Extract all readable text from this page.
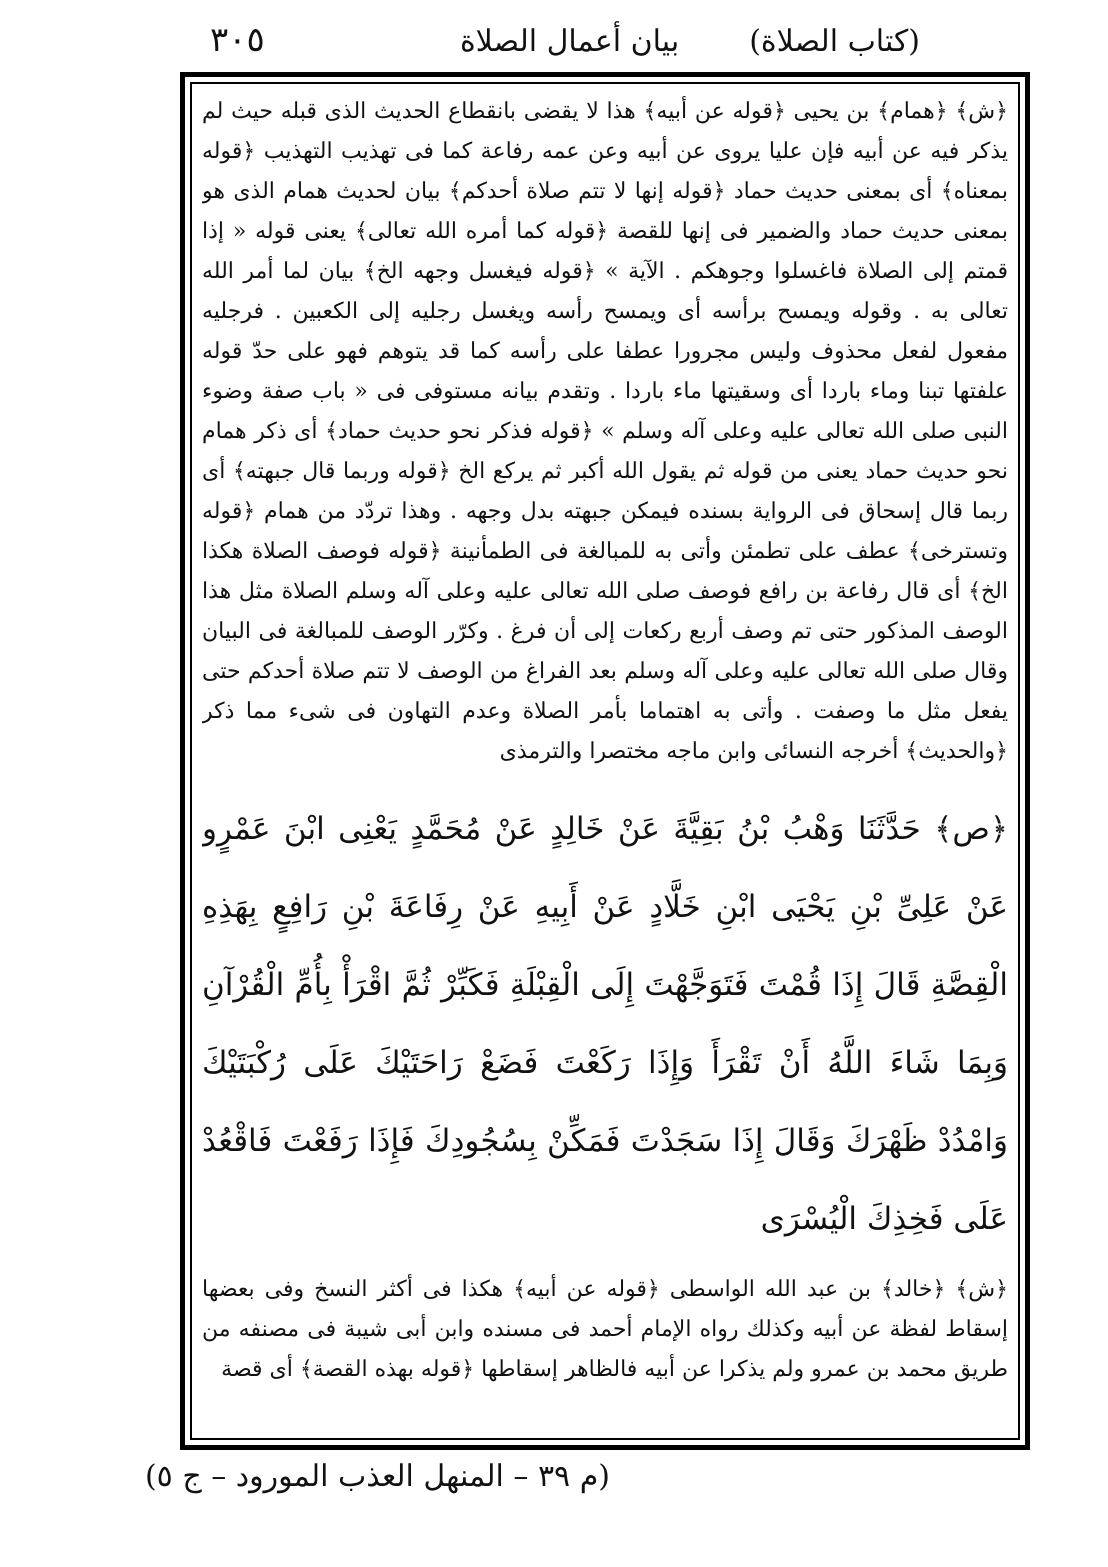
(كتاب الصلاة)
بيان أعمال الصلاة
٣٠٥

﴿ش﴾ ﴿همام﴾ بن يحيى ﴿قوله عن أبيه﴾ هذا لا يقضى بانقطاع الحديث الذى قبله حيث لم يذكر فيه عن أبيه فإن عليا يروى عن أبيه وعن عمه رفاعة كما فى تهذيب التهذيب ﴿قوله بمعناه﴾ أى بمعنى حديث حماد ﴿قوله إنها لا تتم صلاة أحدكم﴾ بيان لحديث همام الذى هو بمعنى حديث حماد والضمير فى إنها للقصة ﴿قوله كما أمره الله تعالى﴾ يعنى قوله « إذا قمتم إلى الصلاة فاغسلوا وجوهكم . الآية » ﴿قوله فيغسل وجهه الخ﴾ بيان لما أمر الله تعالى به . وقوله ويمسح برأسه أى ويمسح رأسه ويغسل رجليه إلى الكعبين . فرجليه مفعول لفعل محذوف وليس مجرورا عطفا على رأسه كما قد يتوهم فهو على حدّ قوله علفتها تبنا وماء باردا أى وسقيتها ماء باردا . وتقدم بيانه مستوفى فى « باب صفة وضوء النبى صلى الله تعالى عليه وعلى آله وسلم » ﴿قوله فذكر نحو حديث حماد﴾ أى ذكر همام نحو حديث حماد يعنى من قوله ثم يقول الله أكبر ثم يركع الخ ﴿قوله وربما قال جبهته﴾ أى ربما قال إسحاق فى الرواية بسنده فيمكن جبهته بدل وجهه . وهذا تردّد من همام ﴿قوله وتسترخى﴾ عطف على تطمئن وأتى به للمبالغة فى الطمأنينة ﴿قوله فوصف الصلاة هكذا الخ﴾ أى قال رفاعة بن رافع فوصف صلى الله تعالى عليه وعلى آله وسلم الصلاة مثل هذا الوصف المذكور حتى تم وصف أربع ركعات إلى أن فرغ . وكرّر الوصف للمبالغة فى البيان وقال صلى الله تعالى عليه وعلى آله وسلم بعد الفراغ من الوصف لا تتم صلاة أحدكم حتى يفعل مثل ما وصفت . وأتى به اهتماما بأمر الصلاة وعدم التهاون فى شىء مما ذكر ﴿والحديث﴾ أخرجه النسائى وابن ماجه مختصرا والترمذى

﴿ص﴾ حَدَّثَنَا وَهْبُ بْنُ بَقِيَّةَ عَنْ خَالِدٍ عَنْ مُحَمَّدٍ يَعْنِى ابْنَ عَمْرٍو عَنْ عَلِىِّ بْنِ يَحْيَى ابْنِ خَلَّادٍ عَنْ أَبِيهِ عَنْ رِفَاعَةَ بْنِ رَافِعٍ بِهَذِهِ الْقِصَّةِ قَالَ إِذَا قُمْتَ فَتَوَجَّهْتَ إِلَى الْقِبْلَةِ فَكَبِّرْ ثُمَّ اقْرَأْ بِأُمِّ الْقُرْآنِ وَبِمَا شَاءَ اللَّهُ أَنْ تَقْرَأَ وَإِذَا رَكَعْتَ فَضَعْ رَاحَتَيْكَ عَلَى رُكْبَتَيْكَ وَامْدُدْ ظَهْرَكَ وَقَالَ إِذَا سَجَدْتَ فَمَكِّنْ بِسُجُودِكَ فَإِذَا رَفَعْتَ فَاقْعُدْ عَلَى فَخِذِكَ الْيُسْرَى

﴿ش﴾ ﴿خالد﴾ بن عبد الله الواسطى ﴿قوله عن أبيه﴾ هكذا فى أكثر النسخ وفى بعضها إسقاط لفظة عن أبيه وكذلك رواه الإمام أحمد فى مسنده وابن أبى شيبة فى مصنفه من طريق محمد بن عمرو ولم يذكرا عن أبيه فالظاهر إسقاطها ﴿قوله بهذه القصة﴾ أى قصة

(م ٣٩ – المنهل العذب المورود – ج ٥)
